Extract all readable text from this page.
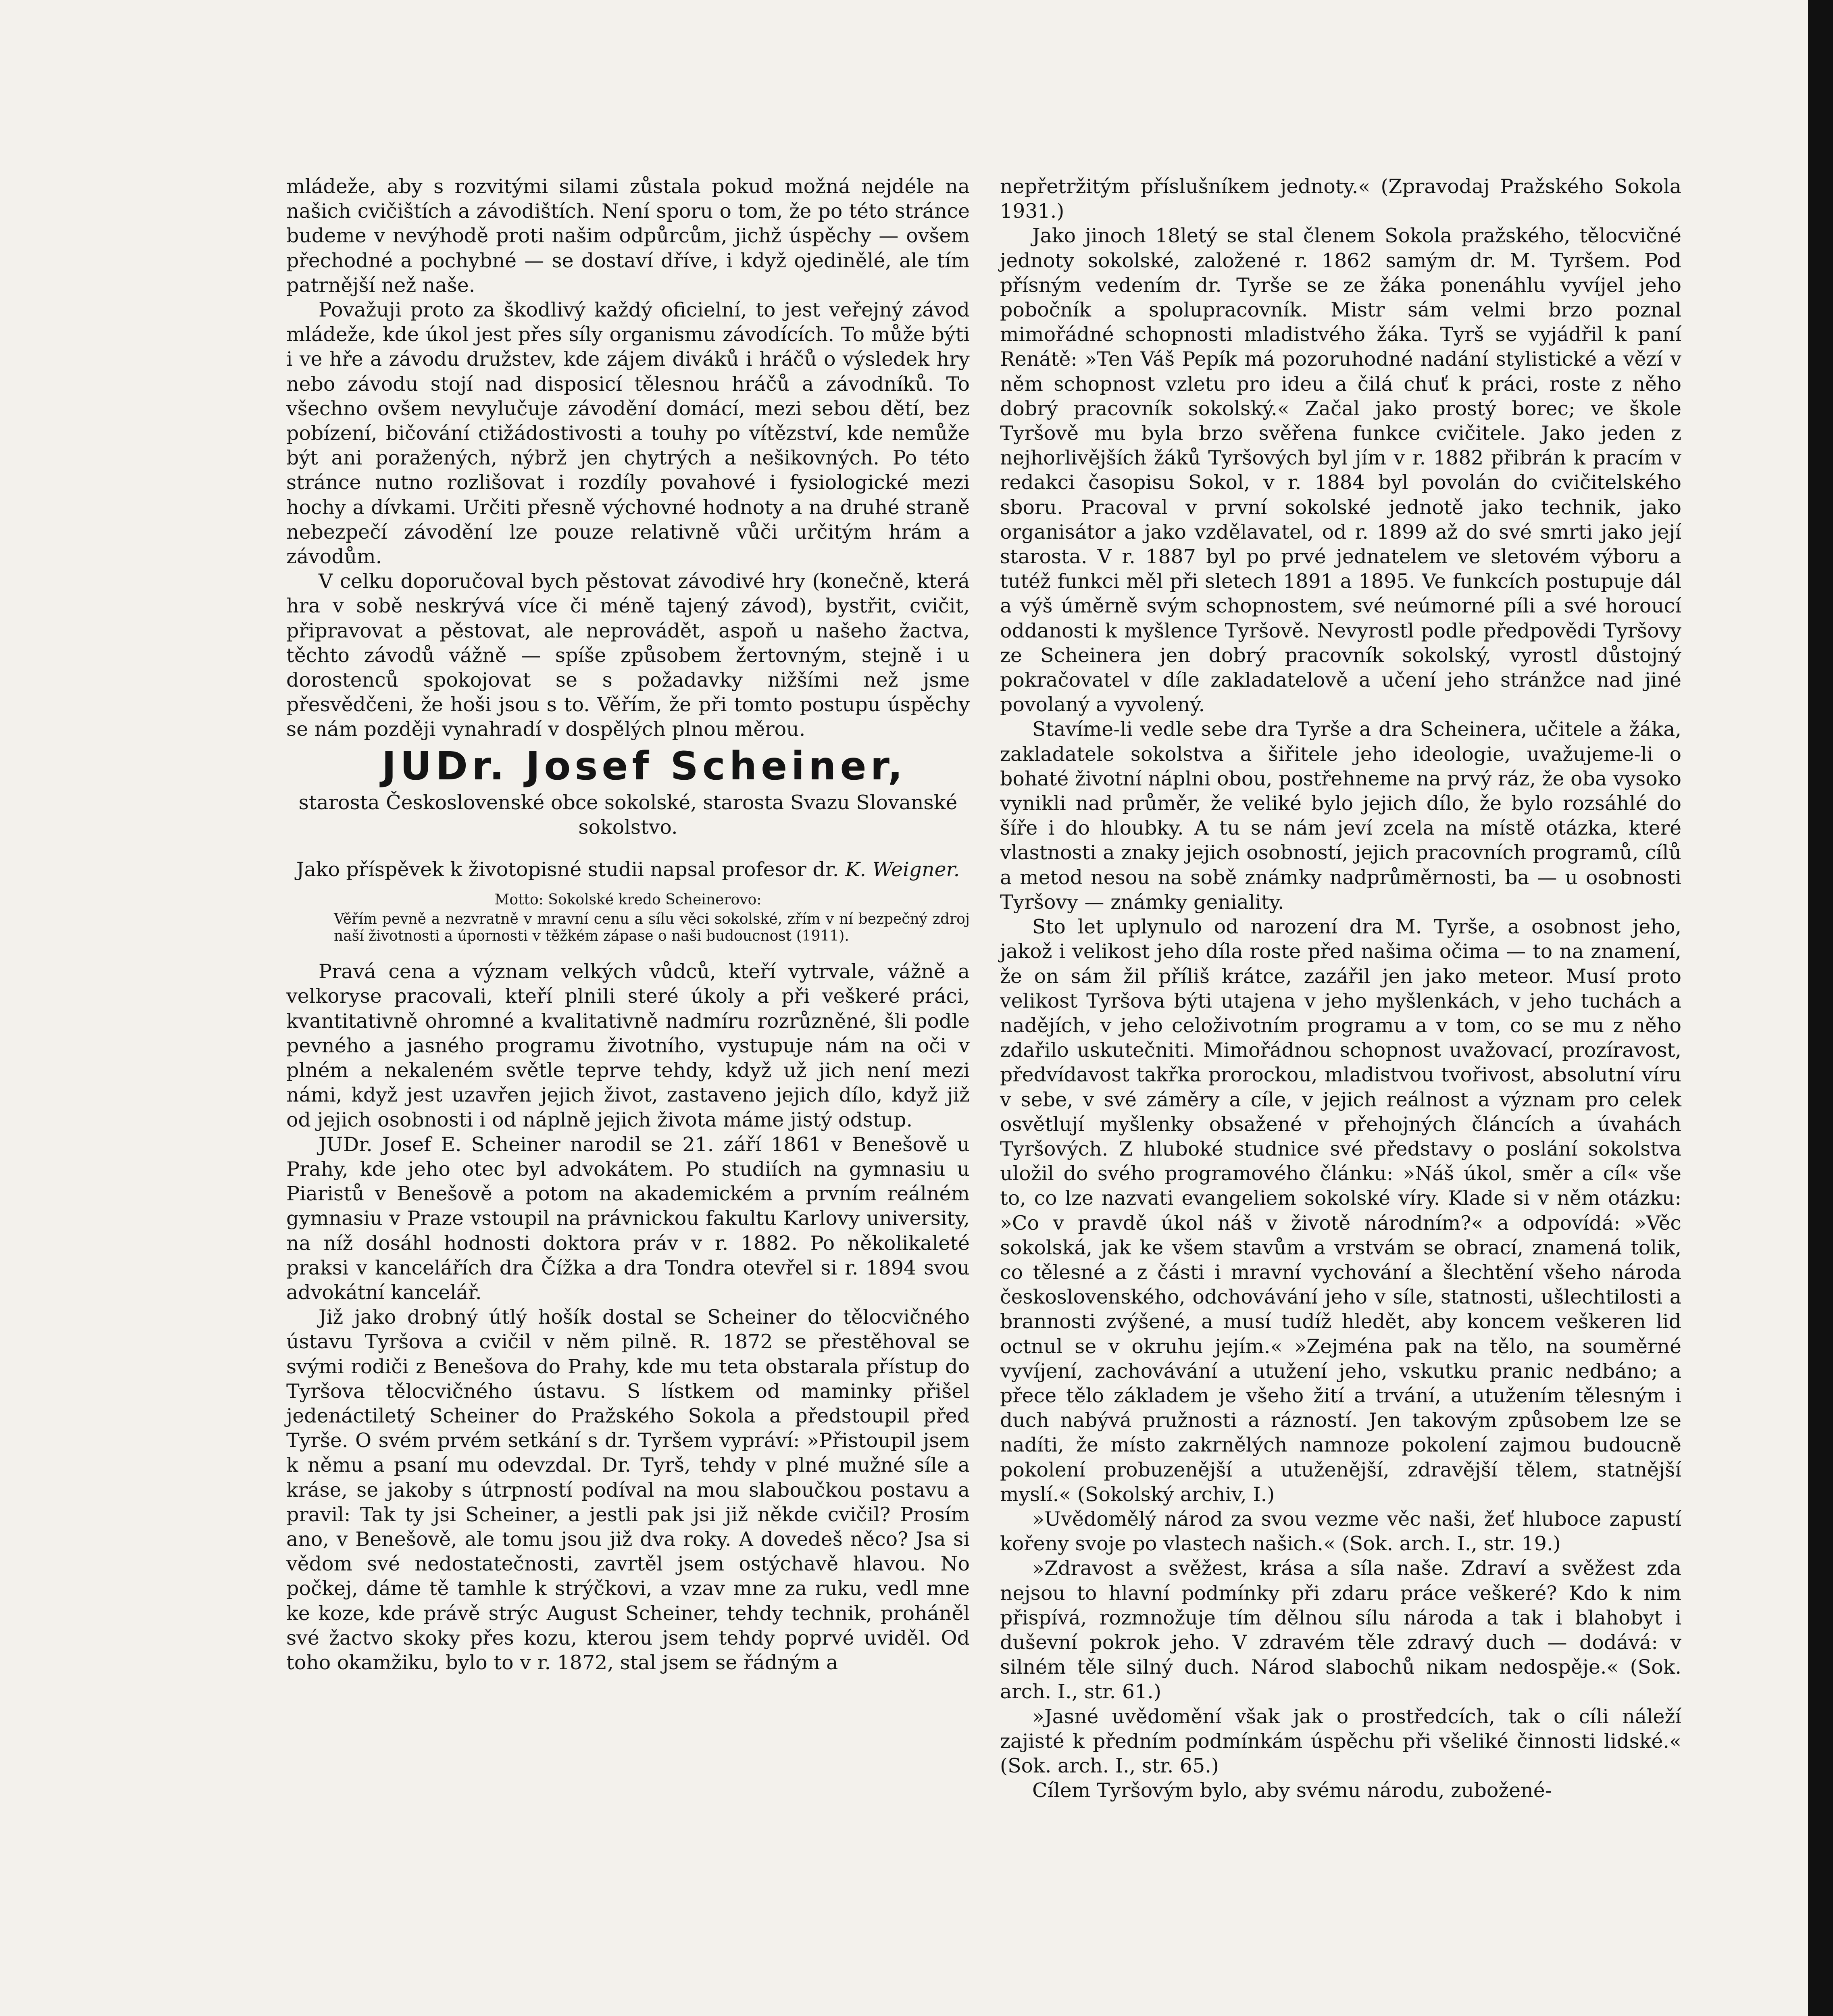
mládeže, aby s rozvitými silami zůstala pokud možná nejdéle na našich cvičištích a závodištích. Není sporu o tom, že po této stránce budeme v nevýhodě proti našim odpůrcům, jichž úspěchy — ovšem přechodné a pochybné — se dostaví dříve, i když ojedinělé, ale tím patrnější než naše.

Považuji proto za škodlivý každý oficielní, to jest veřejný závod mládeže, kde úkol jest přes síly organismu závodících. To může býti i ve hře a závodu družstev, kde zájem diváků i hráčů o výsledek hry nebo závodu stojí nad disposicí tělesnou hráčů a závodníků. To všechno ovšem nevylučuje závodění domácí, mezi sebou dětí, bez pobízení, bičování ctižádostivosti a touhy po vítězství, kde nemůže být ani poražených, nýbrž jen chytrých a nešikovných. Po této stránce nutno rozlišovat i rozdíly povahové i fysiologické mezi hochy a dívkami. Určiti přesně výchovné hodnoty a na druhé straně nebezpečí závodění lze pouze relativně vůči určitým hrám a závodům.

V celku doporučoval bych pěstovat závodivé hry (konečně, která hra v sobě neskrývá více či méně tajený závod), bystřit, cvičit, připravovat a pěstovat, ale neprovádět, aspoň u našeho žactva, těchto závodů vážně — spíše způsobem žertovným, stejně i u dorostenců spokojovat se s požadavky nižšími než jsme přesvědčeni, že hoši jsou s to. Věřím, že při tomto postupu úspěchy se nám později vynahradí v dospělých plnou měrou.

JUDr. Josef Scheiner,

starosta Československé obce sokolské, starosta Svazu Slovanské sokolstvo.

Jako příspěvek k životopisné studii napsal profesor dr. K. Weigner.

Motto: Sokolské kredo Scheinerovo:

Věřím pevně a nezvratně v mravní cenu a sílu věci sokolské, zřím v ní bezpečný zdroj naší životnosti a úpornosti v těžkém zápase o naši budoucnost (1911).

Pravá cena a význam velkých vůdců, kteří vytrvale, vážně a velkoryse pracovali, kteří plnili steré úkoly a při veškeré práci, kvantitativně ohromné a kvalitativně nadmíru rozrůzněné, šli podle pevného a jasného programu životního, vystupuje nám na oči v plném a nekaleném světle teprve tehdy, když už jich není mezi námi, když jest uzavřen jejich život, zastaveno jejich dílo, když již od jejich osobnosti i od náplně jejich života máme jistý odstup.

JUDr. Josef E. Scheiner narodil se 21. září 1861 v Benešově u Prahy, kde jeho otec byl advokátem. Po studiích na gymnasiu u Piaristů v Benešově a potom na akademickém a prvním reálném gymnasiu v Praze vstoupil na právnickou fakultu Karlovy university, na níž dosáhl hodnosti doktora práv v r. 1882. Po několikaleté praksi v kancelářích dra Čížka a dra Tondra otevřel si r. 1894 svou advokátní kancelář.

Již jako drobný útlý hošík dostal se Scheiner do tělocvičného ústavu Tyršova a cvičil v něm pilně. R. 1872 se přestěhoval se svými rodiči z Benešova do Prahy, kde mu teta obstarala přístup do Tyršova tělocvičného ústavu. S lístkem od maminky přišel jedenáctiletý Scheiner do Pražského Sokola a předstoupil před Tyrše. O svém prvém setkání s dr. Tyršem vypráví: »Přistoupil jsem k němu a psaní mu odevzdal. Dr. Tyrš, tehdy v plné mužné síle a kráse, se jakoby s útrpností podíval na mou slaboučkou postavu a pravil: Tak ty jsi Scheiner, a jestli pak jsi již někde cvičil? Prosím ano, v Benešově, ale tomu jsou již dva roky. A dovedeš něco? Jsa si vědom své nedostatečnosti, zavrtěl jsem ostýchavě hlavou. No počkej, dáme tě tamhle k strýčkovi, a vzav mne za ruku, vedl mne ke koze, kde právě strýc August Scheiner, tehdy technik, proháněl své žactvo skoky přes kozu, kterou jsem tehdy poprvé uviděl. Od toho okamžiku, bylo to v r. 1872, stal jsem se řádným a

nepřetržitým příslušníkem jednoty.« (Zpravodaj Pražského Sokola 1931.)

Jako jinoch 18letý se stal členem Sokola pražského, tělocvičné jednoty sokolské, založené r. 1862 samým dr. M. Tyršem. Pod přísným vedením dr. Tyrše se ze žáka ponenáhlu vyvíjel jeho pobočník a spolupracovník. Mistr sám velmi brzo poznal mimořádné schopnosti mladistvého žáka. Tyrš se vyjádřil k paní Renátě: »Ten Váš Pepík má pozoruhodné nadání stylistické a vězí v něm schopnost vzletu pro ideu a čilá chuť k práci, roste z něho dobrý pracovník sokolský.« Začal jako prostý borec; ve škole Tyršově mu byla brzo svěřena funkce cvičitele. Jako jeden z nejhorlivějších žáků Tyršových byl jím v r. 1882 přibrán k pracím v redakci časopisu Sokol, v r. 1884 byl povolán do cvičitelského sboru. Pracoval v první sokolské jednotě jako technik, jako organisátor a jako vzdělavatel, od r. 1899 až do své smrti jako její starosta. V r. 1887 byl po prvé jednatelem ve sletovém výboru a tutéž funkci měl při sletech 1891 a 1895. Ve funkcích postupuje dál a výš úměrně svým schopnostem, své neúmorné píli a své horoucí oddanosti k myšlence Tyršově. Nevyrostl podle předpovědi Tyršovy ze Scheinera jen dobrý pracovník sokolský, vyrostl důstojný pokračovatel v díle zakladatelově a učení jeho stránžce nad jiné povolaný a vyvolený.

Stavíme-li vedle sebe dra Tyrše a dra Scheinera, učitele a žáka, zakladatele sokolstva a šiřitele jeho ideologie, uvažujeme-li o bohaté životní náplni obou, postřehneme na prvý ráz, že oba vysoko vynikli nad průměr, že veliké bylo jejich dílo, že bylo rozsáhlé do šíře i do hloubky. A tu se nám jeví zcela na místě otázka, které vlastnosti a znaky jejich osobností, jejich pracovních programů, cílů a metod nesou na sobě známky nadprůměrnosti, ba — u osobnosti Tyršovy — známky geniality.

Sto let uplynulo od narození dra M. Tyrše, a osobnost jeho, jakož i velikost jeho díla roste před našima očima — to na znamení, že on sám žil příliš krátce, zazářil jen jako meteor. Musí proto velikost Tyršova býti utajena v jeho myšlenkách, v jeho tuchách a nadějích, v jeho celoživotním programu a v tom, co se mu z něho zdařilo uskutečniti. Mimořádnou schopnost uvažovací, prozíravost, předvídavost takřka prorockou, mladistvou tvořivost, absolutní víru v sebe, v své záměry a cíle, v jejich reálnost a význam pro celek osvětlují myšlenky obsažené v přehojných článcích a úvahách Tyršových. Z hluboké studnice své představy o poslání sokolstva uložil do svého programového článku: »Náš úkol, směr a cíl« vše to, co lze nazvati evangeliem sokolské víry. Klade si v něm otázku: »Co v pravdě úkol náš v životě národním?« a odpovídá: »Věc sokolská, jak ke všem stavům a vrstvám se obrací, znamená tolik, co tělesné a z části i mravní vychování a šlechtění všeho národa československého, odchovávání jeho v síle, statnosti, ušlechtilosti a brannosti zvýšené, a musí tudíž hledět, aby koncem veškeren lid octnul se v okruhu jejím.« »Zejména pak na tělo, na souměrné vyvíjení, zachovávání a utužení jeho, vskutku pranic nedbáno; a přece tělo základem je všeho žití a trvání, a utužením tělesným i duch nabývá pružnosti a rázností. Jen takovým způsobem lze se nadíti, že místo zakrnělých namnoze pokolení zajmou budoucně pokolení probuzenější a utuženější, zdravější tělem, statnější myslí.« (Sokolský archiv, I.)

»Uvědomělý národ za svou vezme věc naši, žeť hluboce zapustí kořeny svoje po vlastech našich.« (Sok. arch. I., str. 19.)

»Zdravost a svěžest, krása a síla naše. Zdraví a svěžest zda nejsou to hlavní podmínky při zdaru práce veškeré? Kdo k nim přispívá, rozmnožuje tím dělnou sílu národa a tak i blahobyt i duševní pokrok jeho. V zdravém těle zdravý duch — dodává: v silném těle silný duch. Národ slabochů nikam nedospěje.« (Sok. arch. I., str. 61.)

»Jasné uvědomění však jak o prostředcích, tak o cíli náleží zajisté k předním podmínkám úspěchu při všeliké činnosti lidské.« (Sok. arch. I., str. 65.)

Cílem Tyršovým bylo, aby svému národu, zubožené-
